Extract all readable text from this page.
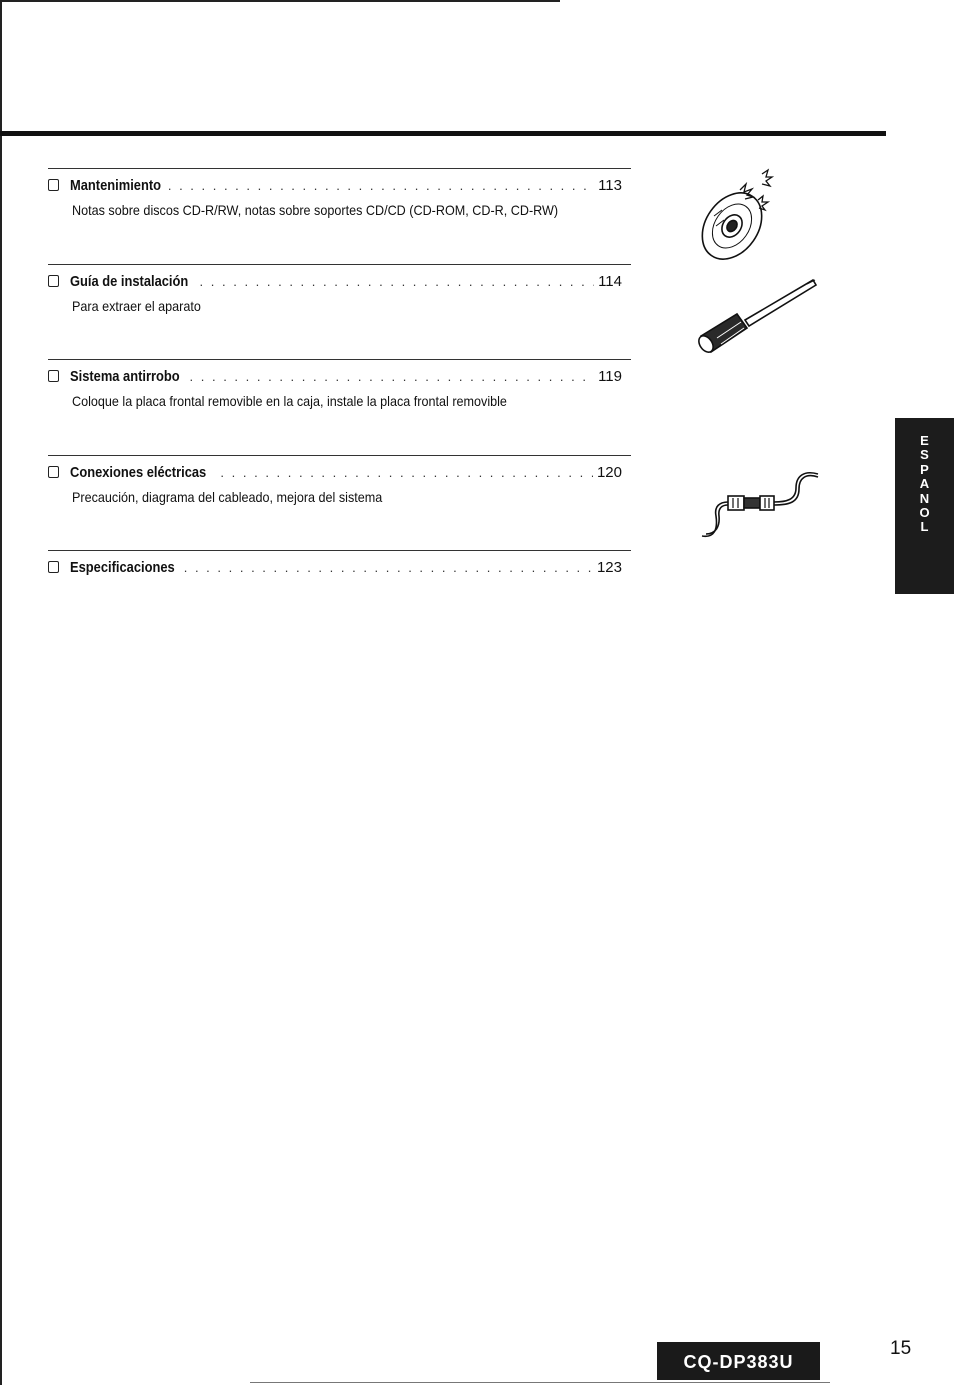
Mantenimiento . . .	113
Notas sobre discos CD-R/RW, notas sobre soportes CD/CD (CD-ROM, CD-R, CD-RW)
Guía de instalación . . .	114
Para extraer el aparato
Sistema antirrobo . . .	119
Coloque la placa frontal removible en la caja, instale la placa frontal removible
Conexiones eléctricas . . .	120
Precaución, diagrama del cableado, mejora del sistema
Especificaciones . . .	123
E
S
P
A
N
O
L
CQ-DP383U
15
